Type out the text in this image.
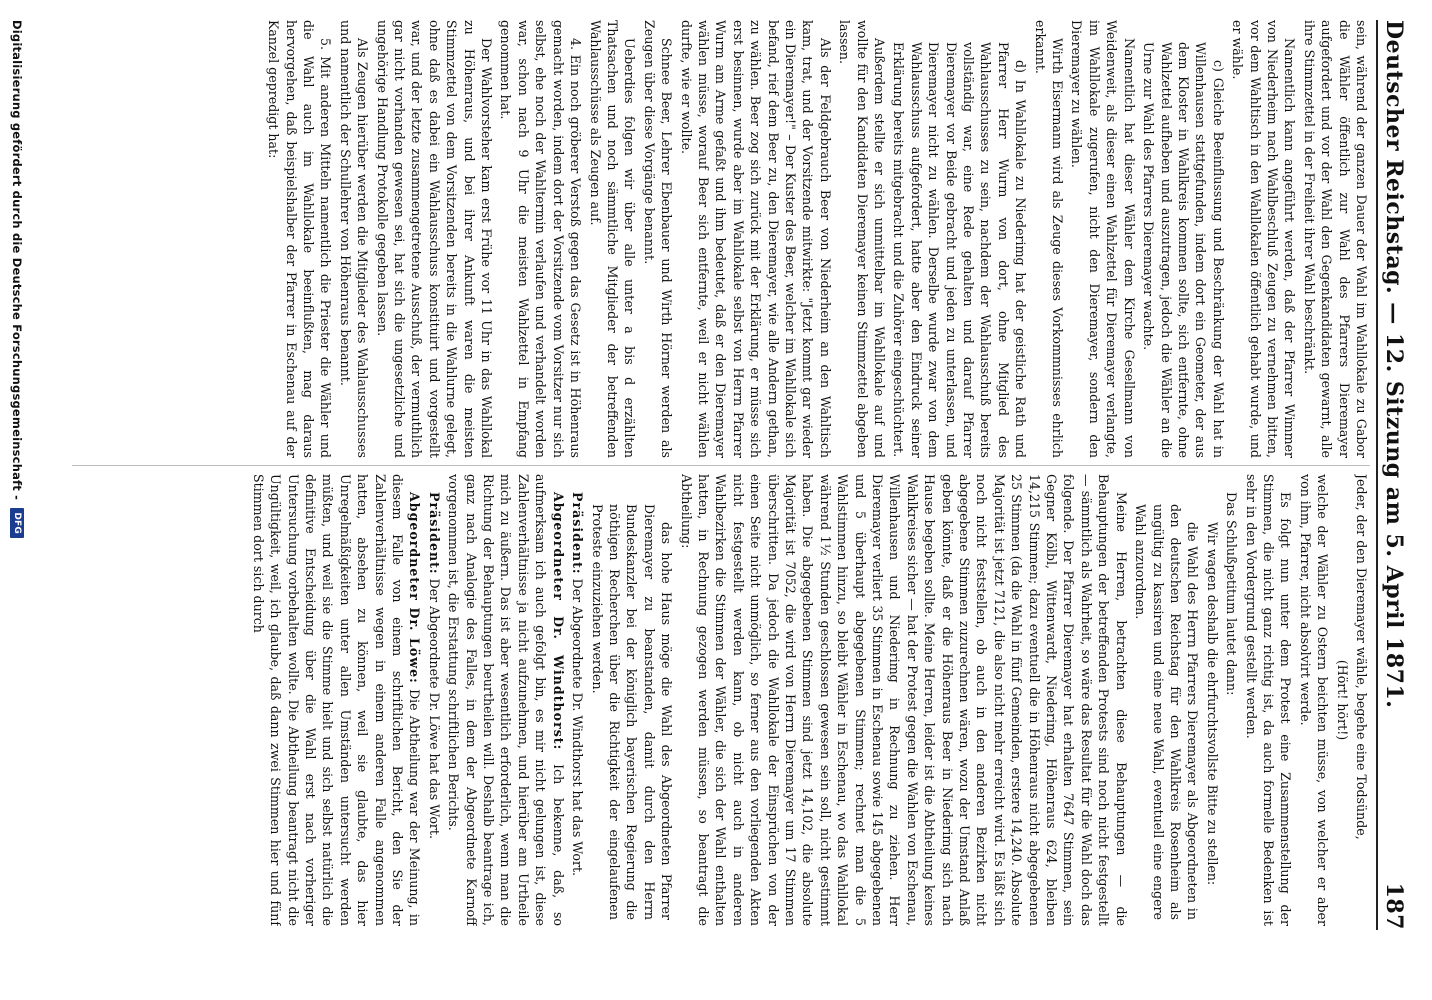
Deutscher Reichstag. — 12. Sitzung am 5. April 1871.
187

sein, während der ganzen Dauer der Wahl im Wahllokale zu Gabor die Wähler öffentlich zur Wahl des Pfarrers Dieremayer aufgefordert und vor der Wahl den Gegenkandidaten gewarnt, alle ihre Stimmzettel in der Freiheit ihrer Wahl beschränkt.

Namentlich kann angeführt werden, daß der Pfarrer Wimmer von Niederheim nach Wahlbeschluß Zeugen zu vernehmen bitten, vor dem Wahltisch in den Wahllokalen öffentlich gehabt wurde, und er wähle.

c) Gleiche Beeinflussung und Beschränkung der Wahl hat in Willenhausen stattgefunden, indem dort ein Geometer, der aus dem Kloster in Wahlkreis kommen sollte, sich entfernte, ohne Wahlzettel aufheben und auszutragen, jedoch die Wähler an die Urne zur Wahl des Pfarrers Dieremayer wachte.

Namentlich hat dieser Wähler dem Kirche Gesellmann von Weidenweit, als dieser einen Wahlzettel für Dieremayer verlangte, im Wahllokale zugerufen, nicht den Dieremayer, sondern den Dieremayer zu wählen.

Wirth Eisermann wird als Zeuge dieses Vorkommnisses ehrlich erkannt.

d) In Wahllokale zu Niederimg hat der geistliche Rath und Pfarrer Herr Wurm von dort, ohne Mitglied des Wahlausschusses zu sein, nachdem der Wahlausschuß bereits vollständig war, eine Rede gehalten und darauf Pfarrer Dieremayer vor Beide gebracht und jeden zu unterlassen, und Dieremayer nicht zu wählen. Derselbe wurde zwar von dem Wahlausschuss aufgefordert, hatte aber den Eindruck seiner Erklärung bereits mitgebracht und die Zuhörer eingeschüchtert.

Außerdem stellte er sich unmittelbar im Wahllokale auf und wollte für den Kandidaten Dieremayer keinen Stimmzettel abgeben lassen.

Als der Feldgebrauch Beer von Niederheim an den Wahltisch kam, trat, und der Vorsitzende mitwirkte: "Jetzt kommt gar wieder ein Dieremayer!" – Der Kuster des Beer, welcher im Wahllokale sich befand, rief dem Beer zu, den Dieremayer, wie alle Andern gethan, zu wählen. Beer zog sich zurück mit der Erklärung, er müsse sich erst besinnen, wurde aber im Wahllokale selbst von Herrn Pfarrer Wurm am Arme gefaßt und ihm bedeutet, daß er den Dieremayer wählen müsse, worauf Beer sich entfernte, weil er nicht wählen durfte, wie er wollte.

Schnee Beer, Lehrer Ebenbauer und Wirth Hörner werden als Zeugen über diese Vorgänge benannt.

Ueberdies folgen wir über alle unter a bis d erzählten Thatsachen und noch sämmtliche Mitglieder der betreffenden Wahlausschüsse als Zeugen auf.

4. Ein noch gröberer Verstoß gegen das Gesetz ist in Höhenraus gemacht worden, indem dort der Vorsitzende vom Vorsitzer nur sich selbst, ehe noch der Wahltermin verlaufen und verhandelt worden war, schon nach 9 Uhr die meisten Wahlzettel in Empfang genommen hat.

Der Wahlvorsteher kam erst Frühe vor 11 Uhr in das Wahllokal zu Höhenraus, und bei ihrer Ankunft waren die meisten Stimmzettel von dem Vorsitzenden bereits in die Wahlurne gelegt, ohne daß es dabei ein Wahlausschuss konstituirt und vorgestellt war, und der letzte zusammengetretene Ausschuß, der vermuthlich gar nicht vorhanden gewesen sei, hat sich die ungesetzliche und ungehörige Handlung Protokolle gegeben lassen.

Als Zeugen hierüber werden die Mitglieder des Wahlausschusses und namentlich der Schullehrer von Höhenraus benannt.

5. Mit anderen Mitteln namentlich die Priester die Wähler und die Wahl auch im Wahllokale beeinflußten, mag daraus hervorgehen, daß beispielshalber der Pfarrer in Eschenau auf der Kanzel gepredigt hat:

Jeder, der den Dieremayer wähle, begehe eine Todsünde,

(Hört! hört!)

welche der Wähler zu Ostern beichten müsse, von welcher er aber von ihm, Pfarrer, nicht absolvirt werde.

Es folgt nun unter dem Protest eine Zusammenstellung der Stimmen, die nicht ganz richtig ist, da auch formelle Bedenken ist sehr in den Vordergrund gestellt werden.

Das Schlußpetitum lautet dann:

Wir wagen deshalb die ehrfurchtsvollste Bitte zu stellen:

die Wahl des Herrn Pfarrers Dieremayer als Abgeordneten in den deutschen Reichstag für den Wahlkreis Rosenheim als ungültig zu kassiren und eine neue Wahl, eventuell eine engere Wahl anzuordnen.

Meine Herren, betrachten diese Behauptungen — die Behauptungen der betreffenden Protests sind noch nicht festgestellt — sämmtlich als Wahrheit, so wäre das Resultat für die Wahl doch das folgende. Der Pfarrer Dieremayer hat erhalten 7647 Stimmen, sein Gegner Kölbl, Wittenwardt, Niederimg, Höhenraus 624, bleiben 14,215 Stimmen; dazu eventuell die in Höhenraus nicht abgegebenen 25 Stimmen (da die Wahl in fünf Gemeinden, erstere 14,240. Absolute Majorität ist jetzt 7121, die also nicht mehr erreicht wird. Es läßt sich noch nicht feststellen, ob auch in den anderen Bezirken nicht abgegebene Stimmen zuzurechnen wären, wozu der Umstand Anlaß geben könnte, daß er die Höhenraus Beer in Niederimg sich nach Hause begeben sollte. Meine Herren, leider ist die Abtheilung keines Wahlkreises sicher — hat der Protest gegen die Wahlen von Eschenau, Willenhausen und Niederimg in Rechnung zu ziehen. Herr Dieremayer verliert 35 Stimmen in Eschenau sowie 145 abgegebenen und 5 überhaupt abgegebenen Stimmen; rechnet man die 5 Wahlstimmen hinzu, so bleibt Wähler in Eschenau, wo das Wahllokal während 1½ Stunden geschlossen gewesen sein soll, nicht gestimmt haben. Die abgegebenen Stimmen sind jetzt 14,102, die absolute Majorität ist 7052, die wird von Herrn Dieremayer um 17 Stimmen überschritten. Da jedoch die Wahllokale der Einsprüchen von der einen Seite nicht unmöglich, so ferner aus den vorliegenden Akten nicht festgestellt werden kann, ob nicht auch in anderen Wahlbezirken die Stimmen der Wähler, die sich der Wahl enthalten hatten, in Rechnung gezogen werden müssen, so beantragt die Abtheilung:

das hohe Haus möge die Wahl des Abgeordneten Pfarrer Dieremayer zu beanstanden, damit durch den Herrn Bundeskanzler bei der königlich bayerischen Regierung die nöthigen Recherchen über die Richtigkeit der eingelaufenen Proteste einzuziehen werden.

Präsident: Der Abgeordnete Dr. Windthorst hat das Wort.

Abgeordneter Dr. Windthorst: Ich bekenne, daß, so aufmerksam ich auch gefolgt bin, es mir nicht gelungen ist, diese Zahlenverhältnisse ja nicht aufzunehmen, und hierüber am Urtheile mich zu äußern. Das ist aber wesentlich erforderlich, wenn man die Richtung der Behauptungen beurtheilen will. Deshalb beantrage ich, ganz nach Analogie des Falles, in dem der Abgeordnete Karnoff vorgenommen ist, die Erstattung schriftlichen Berichts.

Präsident: Der Abgeordnete Dr. Löwe hat das Wort.

Abgeordneter Dr. Löwe: Die Abtheilung war der Meinung, in diesem Falle von einem schriftlichen Bericht, den Sie der Zahlenverhältnisse wegen in einem anderen Falle angenommen hatten, absehen zu können, weil sie glaubte, das hier Unregelmäßigkeiten unter allen Umständen untersucht werden müßten, und weil sie die Stimme hielt und sich selbst natürlich die definitive Entscheidung über die Wahl erst nach vorheriger Untersuchung vorbehalten wollte. Die Abtheilung beantragt nicht die Ungültigkeit, weil, ich glaube, daß dann zwei Stimmen hier und fünf Stimmen dort sich durch

Digitalisierung gefördert durch die Deutsche Forschungsgemeinschaft -
DFG
